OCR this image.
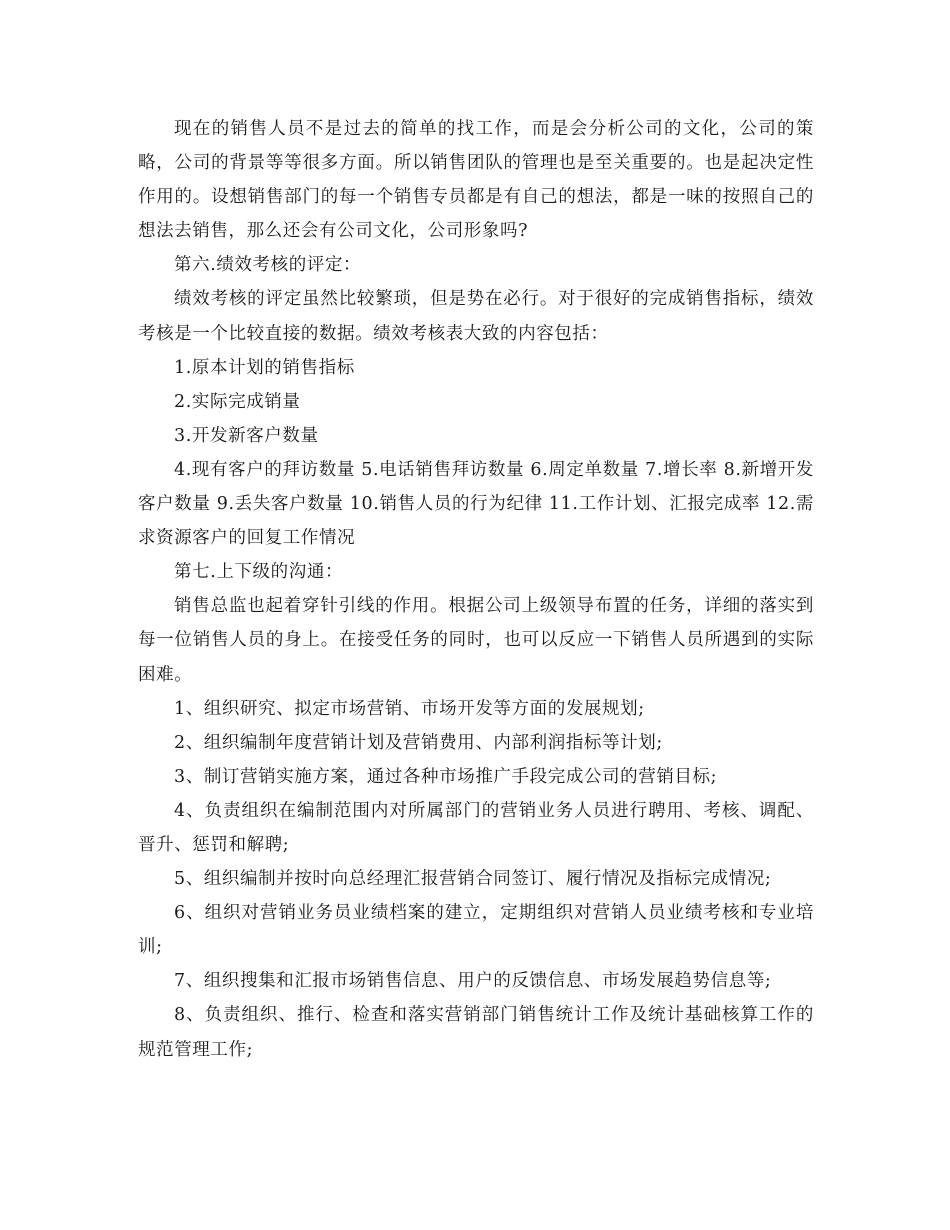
现在的销售人员不是过去的简单的找工作，而是会分析公司的文化，公司的策略，公司的背景等等很多方面。所以销售团队的管理也是至关重要的。也是起决定性作用的。设想销售部门的每一个销售专员都是有自己的想法，都是一味的按照自己的想法去销售，那么还会有公司文化，公司形象吗?

第六.绩效考核的评定：

绩效考核的评定虽然比较繁琐，但是势在必行。对于很好的完成销售指标，绩效考核是一个比较直接的数据。绩效考核表大致的内容包括：

1.原本计划的销售指标

2.实际完成销量

3.开发新客户数量

4.现有客户的拜访数量 5.电话销售拜访数量 6.周定单数量 7.增长率 8.新增开发客户数量 9.丢失客户数量 10.销售人员的行为纪律 11.工作计划、汇报完成率 12.需求资源客户的回复工作情况

第七.上下级的沟通：

销售总监也起着穿针引线的作用。根据公司上级领导布置的任务，详细的落实到每一位销售人员的身上。在接受任务的同时，也可以反应一下销售人员所遇到的实际困难。

1、组织研究、拟定市场营销、市场开发等方面的发展规划;

2、组织编制年度营销计划及营销费用、内部利润指标等计划;

3、制订营销实施方案，通过各种市场推广手段完成公司的营销目标;

4、负责组织在编制范围内对所属部门的营销业务人员进行聘用、考核、调配、晋升、惩罚和解聘;

5、组织编制并按时向总经理汇报营销合同签订、履行情况及指标完成情况;

6、组织对营销业务员业绩档案的建立，定期组织对营销人员业绩考核和专业培训;

7、组织搜集和汇报市场销售信息、用户的反馈信息、市场发展趋势信息等;

8、负责组织、推行、检查和落实营销部门销售统计工作及统计基础核算工作的规范管理工作;
